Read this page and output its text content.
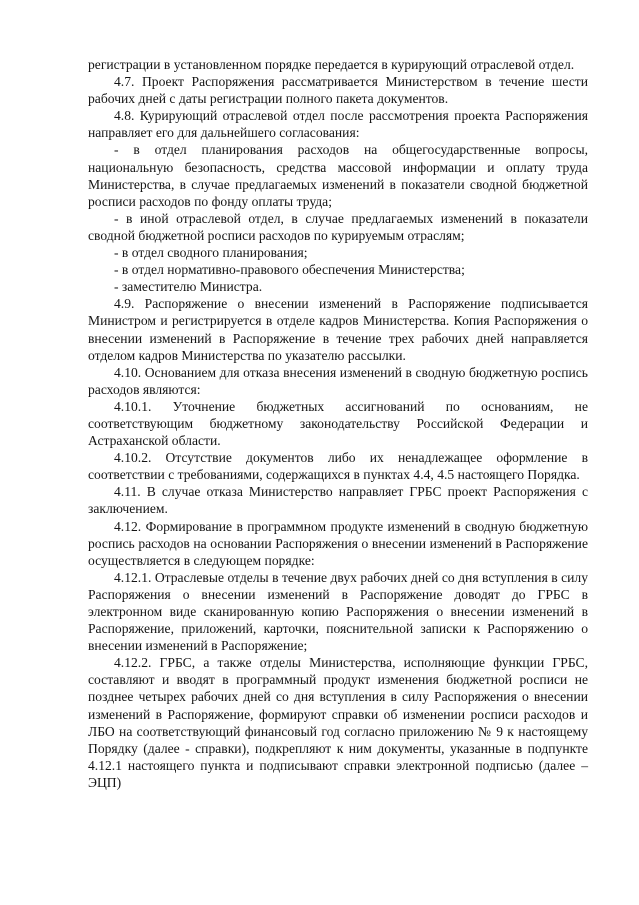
регистрации в установленном порядке передается в курирующий отраслевой отдел.

4.7. Проект Распоряжения рассматривается Министерством в течение шести рабочих дней с даты регистрации полного пакета документов.

4.8. Курирующий отраслевой отдел после рассмотрения проекта Распоряжения направляет его для дальнейшего согласования:

- в отдел планирования расходов на общегосударственные вопросы, национальную безопасность, средства массовой информации и оплату труда Министерства, в случае предлагаемых изменений в показатели сводной бюджетной росписи расходов по фонду оплаты труда;

- в иной отраслевой отдел, в случае предлагаемых изменений в показатели сводной бюджетной росписи расходов по курируемым отраслям;

- в отдел сводного планирования;

- в отдел нормативно-правового обеспечения Министерства;

- заместителю Министра.

4.9. Распоряжение о внесении изменений в Распоряжение подписывается Министром и регистрируется в отделе кадров Министерства. Копия Распоряжения о внесении изменений в Распоряжение в течение трех рабочих дней направляется отделом кадров Министерства по указателю рассылки.

4.10. Основанием для отказа внесения изменений в сводную бюджетную роспись расходов являются:

4.10.1. Уточнение бюджетных ассигнований по основаниям, не соответствующим бюджетному законодательству Российской Федерации и Астраханской области.

4.10.2. Отсутствие документов либо их ненадлежащее оформление в соответствии с требованиями, содержащихся в пунктах 4.4, 4.5 настоящего Порядка.

4.11. В случае отказа Министерство направляет ГРБС проект Распоряжения с заключением.

4.12. Формирование в программном продукте изменений в сводную бюджетную роспись расходов на основании Распоряжения о внесении изменений в Распоряжение осуществляется в следующем порядке:

4.12.1. Отраслевые отделы в течение двух рабочих дней со дня вступления в силу Распоряжения о внесении изменений в Распоряжение доводят до ГРБС в электронном виде сканированную копию Распоряжения о внесении изменений в Распоряжение, приложений, карточки, пояснительной записки к Распоряжению о внесении изменений в Распоряжение;

4.12.2. ГРБС, а также отделы Министерства, исполняющие функции ГРБС, составляют и вводят в программный продукт изменения бюджетной росписи не позднее четырех рабочих дней со дня вступления в силу Распоряжения о внесении изменений в Распоряжение, формируют справки об изменении росписи расходов и ЛБО на соответствующий финансовый год согласно приложению № 9 к настоящему Порядку (далее - справки), подкрепляют к ним документы, указанные в подпункте 4.12.1 настоящего пункта и подписывают справки электронной подписью (далее – ЭЦП)
